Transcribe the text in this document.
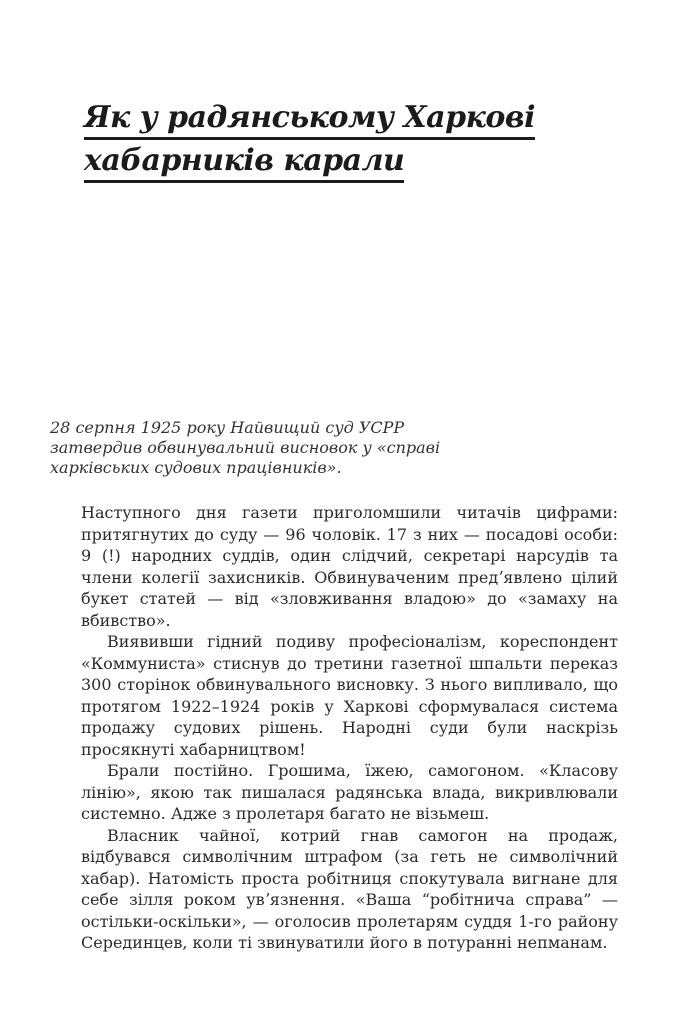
Як у радянському Харкові
хабарників карали
28 серпня 1925 року Найвищий суд УСРР
затвердив обвинувальний висновок у «справі
харківських судових працівників».

Наступного дня газети приголомшили читачів цифрами: притягнутих до суду — 96 чоловік. 17 з них — посадові особи: 9 (!) народних суддів, один слідчий, секретарі нарсудів та члени колегії захисників. Обвинуваченим предʼявлено цілий букет статей — від «зловживання владою» до «замаху на вбивство».

Виявивши гідний подиву професіоналізм, кореспондент «Коммуниста» стиснув до третини газетної шпальти переказ 300 сторінок обвинувального висновку. З нього випливало, що протягом 1922–1924 років у Харкові сформувалася система продажу судових рішень. Народні суди були наскрізь просякнуті хабарництвом!

Брали постійно. Грошима, їжею, самогоном. «Класову лінію», якою так пишалася радянська влада, викривлювали системно. Адже з пролетаря багато не візьмеш.

Власник чайної, котрий гнав самогон на продаж, відбувався символічним штрафом (за геть не символічний хабар). Натомість проста робітниця спокутувала вигнане для себе зілля роком увʼязнення. «Ваша “робітнича справа” — остільки-оскільки», — оголосив пролетарям суддя 1-го району Серединцев, коли ті звинуватили його в потуранні непманам.
